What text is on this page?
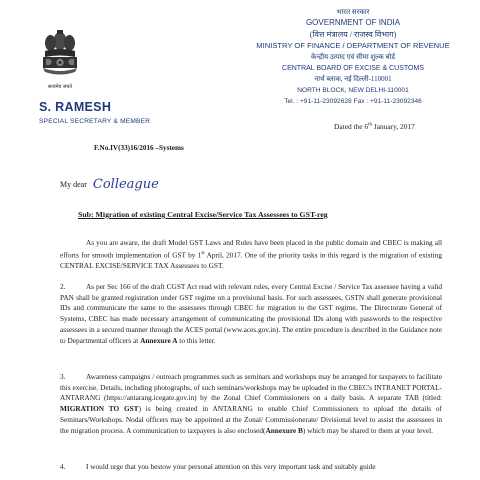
सत्यमेव जयते
S. RAMESH
SPECIAL SECRETARY & MEMBER
F.No.IV(33)16/2016 –Systems
भारत सरकार
GOVERNMENT OF INDIA
(वित्त मंत्रालय / राजस्व विभाग)
MINISTRY OF FINANCE / DEPARTMENT OF REVENUE
केन्द्रीय उत्पाद एवं सीमा शुल्क बोर्ड
CENTRAL BOARD OF EXCISE & CUSTOMS
नार्थ ब्लाक, नई दिल्ली-110001
NORTH BLOCK, NEW DELHI-110001
Tel. : +91-11-23092628 Fax : +91-11-23092346
Dated the 6th January, 2017
My dear Colleague
Sub: Migration of existing Central Excise/Service Tax Assessees to GST-reg
As you are aware, the draft Model GST Laws and Rules have been placed in the public domain and CBEC is making all efforts for smooth implementation of GST by 1st April, 2017. One of the priority tasks in this regard is the migration of existing CENTRAL EXCISE/SERVICE TAX Assessees to GST.
2.	As per Sec 166 of the draft CGST Act read with relevant rules, every Central Excise / Service Tax assessee having a valid PAN shall be granted registration under GST regime on a provisional basis. For such assessees, GSTN shall generate provisional IDs and communicate the same to the assessees through CBEC for migration to the GST regime. The Directorate General of Systems, CBEC has made necessary arrangement of communicating the provisional IDs along with passwords to the respective assessees in a secured manner through the ACES portal (www.aces.gov.in). The entire procedure is described in the Guidance note to Departmental officers at Annexure A to this letter.
3.	Awareness campaigns / outreach programmes such as seminars and workshops may be arranged for taxpayers to facilitate this exercise. Details, including photographs, of such seminars/workshops may be uploaded in the CBEC's INTRANET PORTAL-ANTARANG (https://antarang.icegate.gov.in) by the Zonal Chief Commissioners on a daily basis. A separate TAB (titled: MIGRATION TO GST) is being created in ANTARANG to enable Chief Commissioners to upload the details of Seminars/Workshops. Nodal officers may be appointed at the Zonal/ Commissionerate/ Divisional level to assist the assessees in the migration process. A communication to taxpayers is also enclosed(Annexure B) which may be shared to them at your level.
4.	I would urge that you bestow your personal attention on this very important task and suitably guide
